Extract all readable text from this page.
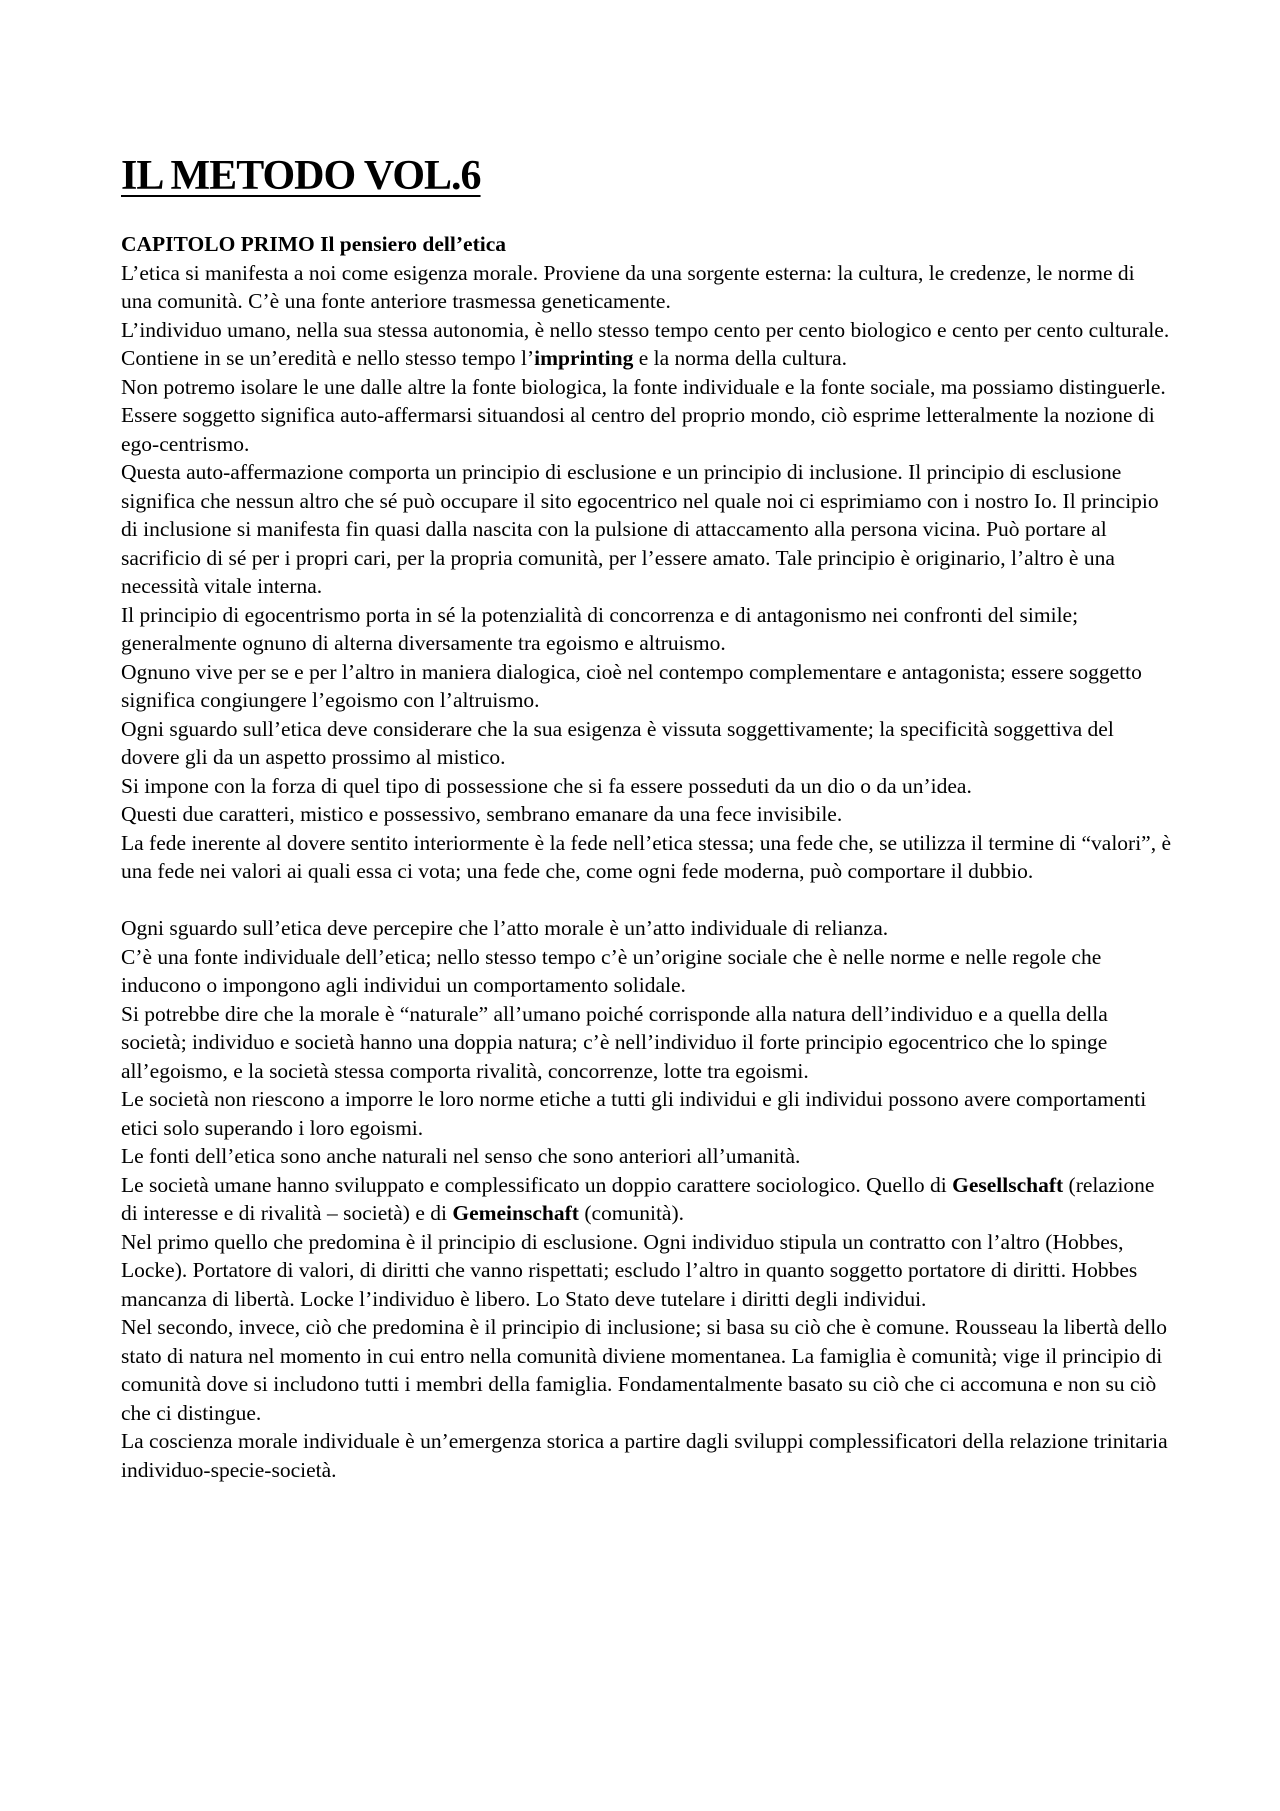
IL METODO VOL.6
CAPITOLO PRIMO Il pensiero dell’etica

L’etica si manifesta a noi come esigenza morale. Proviene da una sorgente esterna: la cultura, le credenze, le norme di una comunità. C’è una fonte anteriore trasmessa geneticamente.

L’individuo umano, nella sua stessa autonomia, è nello stesso tempo cento per cento biologico e cento per cento culturale. Contiene in se un’eredità e nello stesso tempo l’imprinting e la norma della cultura.

Non potremo isolare le une dalle altre la fonte biologica, la fonte individuale e la fonte sociale, ma possiamo distinguerle.

Essere soggetto significa auto-affermarsi situandosi al centro del proprio mondo, ciò esprime letteralmente la nozione di ego-centrismo.

Questa auto-affermazione comporta un principio di esclusione e un principio di inclusione. Il principio di esclusione significa che nessun altro che sé può occupare il sito egocentrico nel quale noi ci esprimiamo con i nostro Io. Il principio di inclusione si manifesta fin quasi dalla nascita con la pulsione di attaccamento alla persona vicina. Può portare al sacrificio di sé per i propri cari, per la propria comunità, per l’essere amato. Tale principio è originario, l’altro è una necessità vitale interna.

Il principio di egocentrismo porta in sé la potenzialità di concorrenza e di antagonismo nei confronti del simile; generalmente ognuno di alterna diversamente tra egoismo e altruismo.

Ognuno vive per se e per l’altro in maniera dialogica, cioè nel contempo complementare e antagonista; essere soggetto significa congiungere l’egoismo con l’altruismo.

Ogni sguardo sull’etica deve considerare che la sua esigenza è vissuta soggettivamente; la specificità soggettiva del dovere gli da un aspetto prossimo al mistico.

Si impone con la forza di quel tipo di possessione che si fa essere posseduti da un dio o da un’idea.

Questi due caratteri, mistico e possessivo, sembrano emanare da una fece invisibile.

La fede inerente al dovere sentito interiormente è la fede nell’etica stessa; una fede che, se utilizza il termine di “valori”, è una fede nei valori ai quali essa ci vota; una fede che, come ogni fede moderna, può comportare il dubbio.

Ogni sguardo sull’etica deve percepire che l’atto morale è un’atto individuale di relianza.

C’è una fonte individuale dell’etica; nello stesso tempo c’è un’origine sociale che è nelle norme e nelle regole che inducono o impongono agli individui un comportamento solidale.

Si potrebbe dire che la morale è “naturale” all’umano poiché corrisponde alla natura dell’individuo e a quella della società; individuo e società hanno una doppia natura; c’è nell’individuo il forte principio egocentrico che lo spinge all’egoismo, e la società stessa comporta rivalità, concorrenze, lotte tra egoismi.

Le società non riescono a imporre le loro norme etiche a tutti gli individui e gli individui possono avere comportamenti etici solo superando i loro egoismi.

Le fonti dell’etica sono anche naturali nel senso che sono anteriori all’umanità.

Le società umane hanno sviluppato e complessificato un doppio carattere sociologico. Quello di Gesellschaft (relazione di interesse e di rivalità – società) e di Gemeinschaft (comunità).

Nel primo quello che predomina è il principio di esclusione. Ogni individuo stipula un contratto con l’altro (Hobbes, Locke). Portatore di valori, di diritti che vanno rispettati; escludo l’altro in quanto soggetto portatore di diritti. Hobbes mancanza di libertà. Locke l’individuo è libero. Lo Stato deve tutelare i diritti degli individui.

Nel secondo, invece, ciò che predomina è il principio di inclusione; si basa su ciò che è comune. Rousseau la libertà dello stato di natura nel momento in cui entro nella comunità diviene momentanea. La famiglia è comunità; vige il principio di comunità dove si includono tutti i membri della famiglia. Fondamentalmente basato su ciò che ci accomuna e non su ciò che ci distingue.

La coscienza morale individuale è un’emergenza storica a partire dagli sviluppi complessificatori della relazione trinitaria individuo-specie-società.
